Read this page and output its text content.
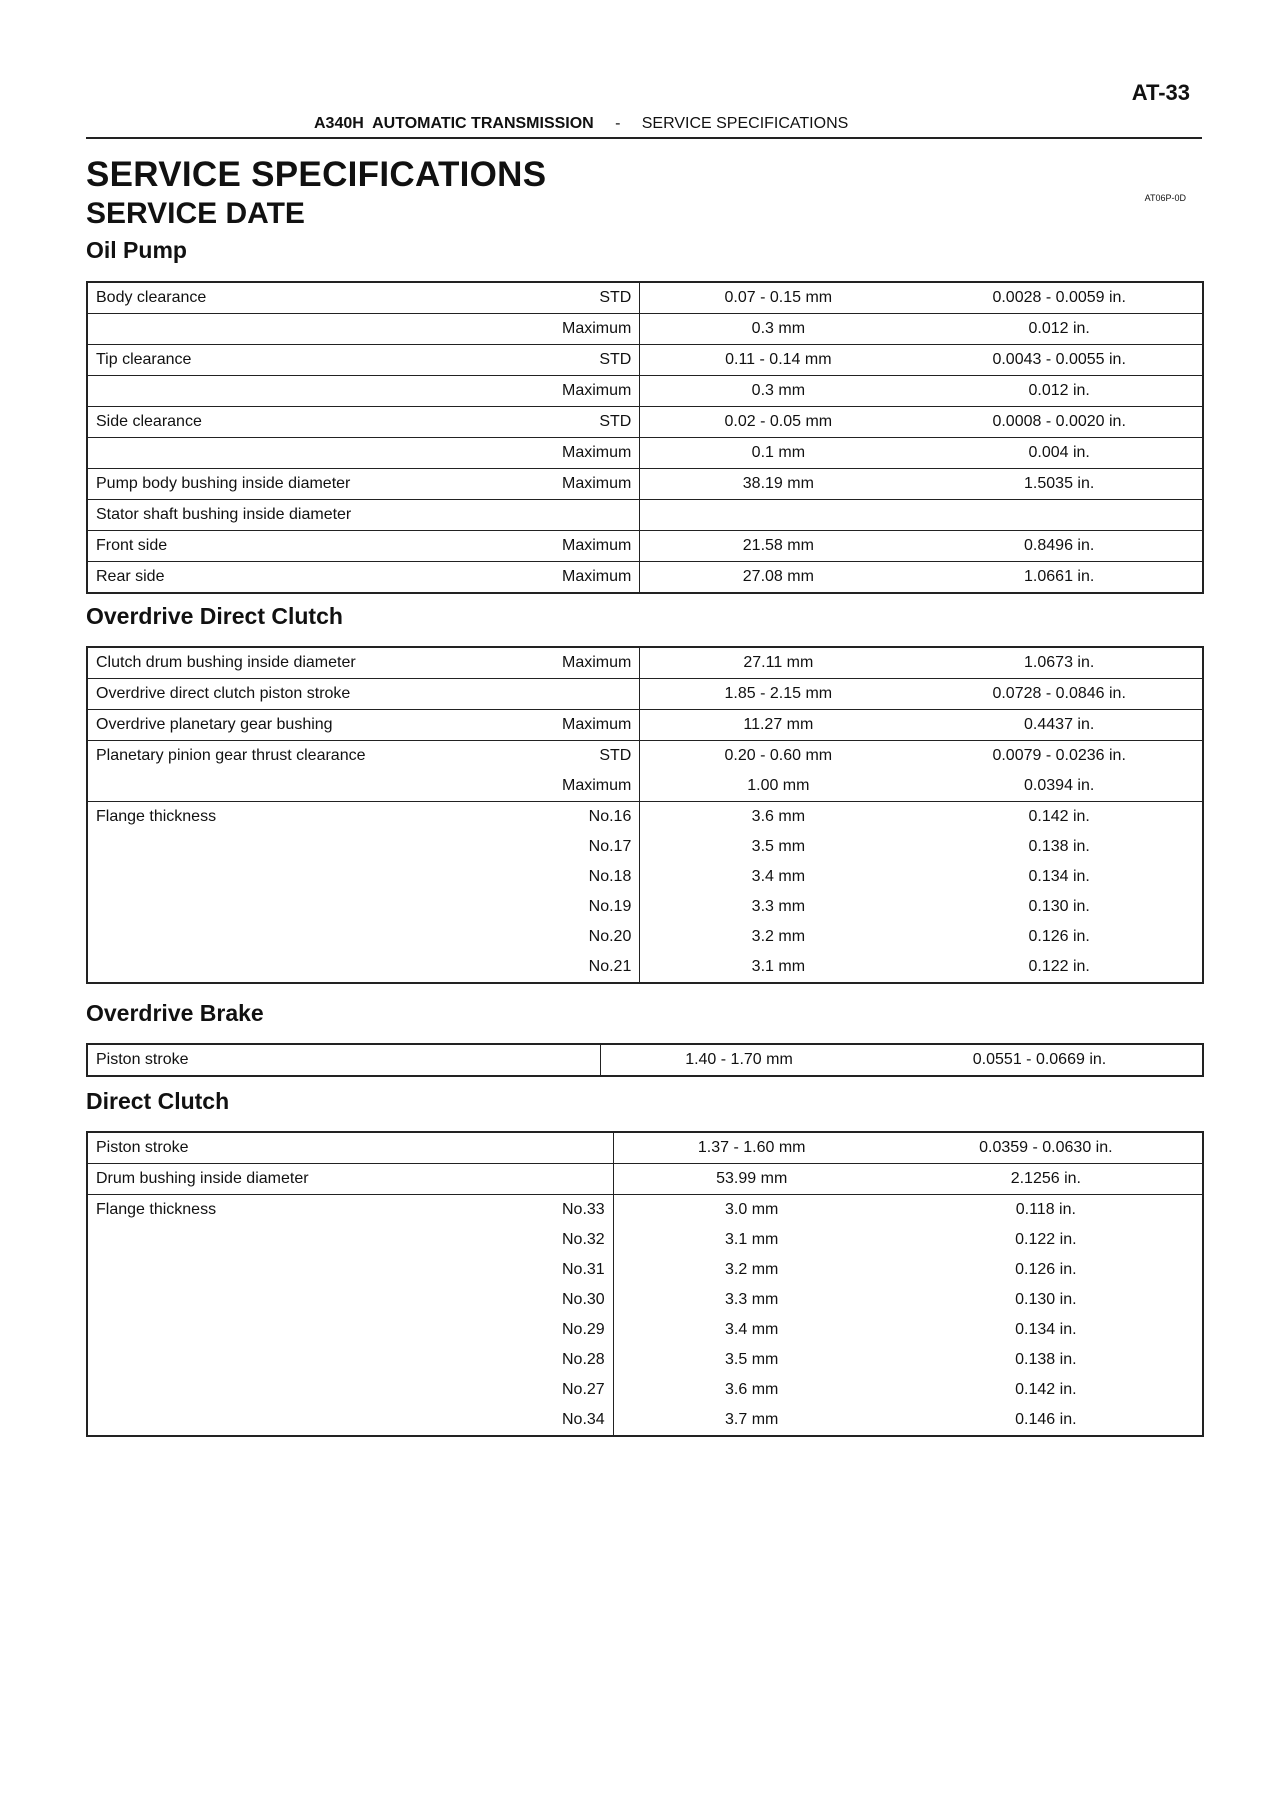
AT-33
A340H  AUTOMATIC TRANSMISSION - SERVICE SPECIFICATIONS
SERVICE SPECIFICATIONS
SERVICE DATE	AT06P-0D
Oil Pump
Body clearance	STD	0.07 - 0.15 mm	0.0028 - 0.0059 in.
	Maximum	0.3 mm	0.012 in.
Tip clearance	STD	0.11 - 0.14 mm	0.0043 - 0.0055 in.
	Maximum	0.3 mm	0.012 in.
Side clearance	STD	0.02 - 0.05 mm	0.0008 - 0.0020 in.
	Maximum	0.1 mm	0.004 in.
Pump body bushing inside diameter	Maximum	38.19 mm	1.5035 in.
Stator shaft bushing inside diameter			
Front side	Maximum	21.58 mm	0.8496 in.
Rear side	Maximum	27.08 mm	1.0661 in.
Overdrive Direct Clutch
Clutch drum bushing inside diameter	Maximum	27.11 mm	1.0673 in.
Overdrive direct clutch piston stroke		1.85 - 2.15 mm	0.0728 - 0.0846 in.
Overdrive planetary gear bushing	Maximum	11.27 mm	0.4437 in.
Planetary pinion gear thrust clearance	STD	0.20 - 0.60 mm	0.0079 - 0.0236 in.
	Maximum	1.00 mm	0.0394 in.
Flange thickness	No.16	3.6 mm	0.142 in.
	No.17	3.5 mm	0.138 in.
	No.18	3.4 mm	0.134 in.
	No.19	3.3 mm	0.130 in.
	No.20	3.2 mm	0.126 in.
	No.21	3.1 mm	0.122 in.
Overdrive Brake
Piston stroke		1.40 - 1.70 mm	0.0551 - 0.0669 in.
Direct Clutch
Piston stroke		1.37 - 1.60 mm	0.0359 - 0.0630 in.
Drum bushing inside diameter		53.99 mm	2.1256 in.
Flange thickness	No.33	3.0 mm	0.118 in.
	No.32	3.1 mm	0.122 in.
	No.31	3.2 mm	0.126 in.
	No.30	3.3 mm	0.130 in.
	No.29	3.4 mm	0.134 in.
	No.28	3.5 mm	0.138 in.
	No.27	3.6 mm	0.142 in.
	No.34	3.7 mm	0.146 in.
